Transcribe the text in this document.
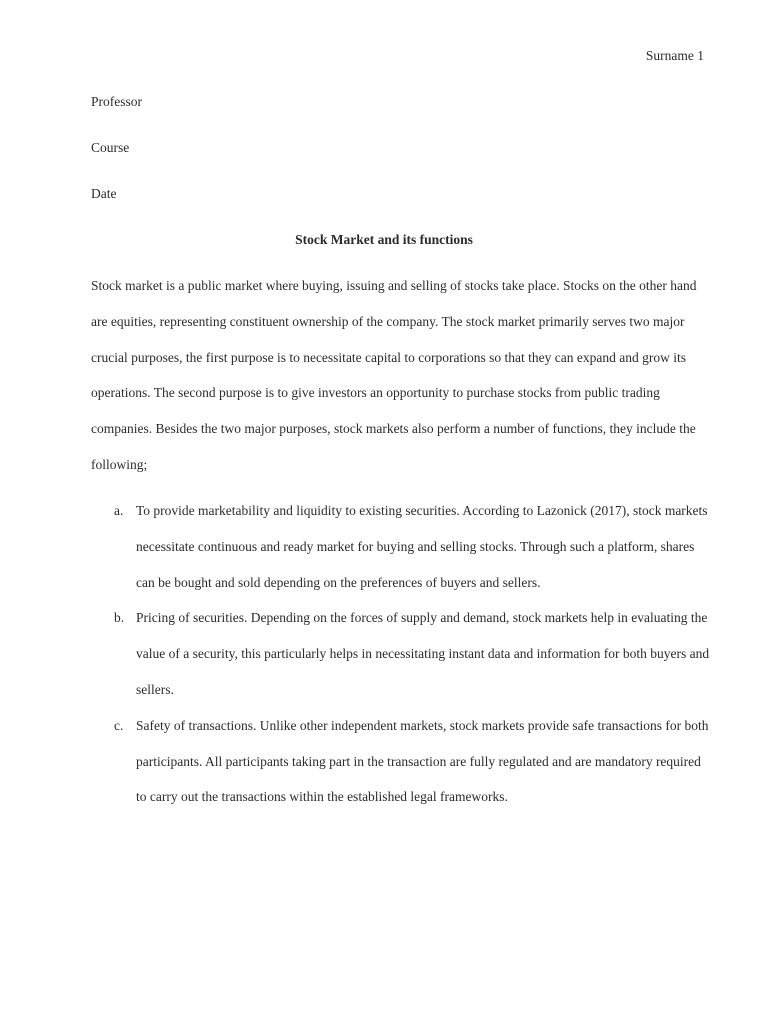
Surname 1
Professor
Course
Date
Stock Market and its functions
Stock market is a public market where buying, issuing and selling of stocks take place. Stocks on the other hand are equities, representing constituent ownership of the company. The stock market primarily serves two major crucial purposes, the first purpose is to necessitate capital to corporations so that they can expand and grow its operations. The second purpose is to give investors an opportunity to purchase stocks from public trading companies. Besides the two major purposes, stock markets also perform a number of functions, they include the following;
a. To provide marketability and liquidity to existing securities. According to Lazonick (2017), stock markets necessitate continuous and ready market for buying and selling stocks. Through such a platform, shares can be bought and sold depending on the preferences of buyers and sellers.
b. Pricing of securities. Depending on the forces of supply and demand, stock markets help in evaluating the value of a security, this particularly helps in necessitating instant data and information for both buyers and sellers.
c. Safety of transactions. Unlike other independent markets, stock markets provide safe transactions for both participants. All participants taking part in the transaction are fully regulated and are mandatory required to carry out the transactions within the established legal frameworks.
